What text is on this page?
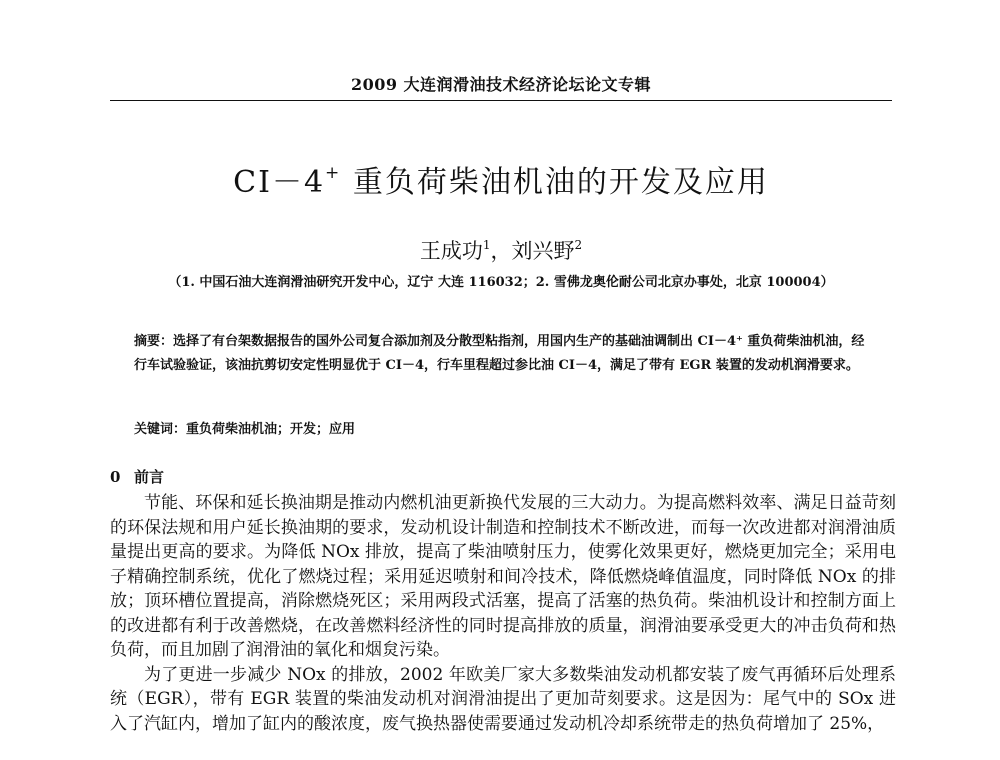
2009 大连润滑油技术经济论坛论文专辑
CI－4+ 重负荷柴油机油的开发及应用
王成功$^1$，刘兴野$^2$
（1. 中国石油大连润滑油研究开发中心，辽宁 大连 116032；2. 雪佛龙奥伦耐公司北京办事处，北京 100004）
摘要：选择了有台架数据报告的国外公司复合添加剂及分散型粘指剂，用国内生产的基础油调制出 CI－4⁺ 重负荷柴油机油，经行车试验验证，该油抗剪切安定性明显优于 CI－4，行车里程超过参比油 CI－4，满足了带有 EGR 装置的发动机润滑要求。
关键词：重负荷柴油机油；开发；应用
0 前言

节能、环保和延长换油期是推动内燃机油更新换代发展的三大动力。为提高燃料效率、满足日益苛刻的环保法规和用户延长换油期的要求，发动机设计制造和控制技术不断改进，而每一次改进都对润滑油质量提出更高的要求。为降低 NOx 排放，提高了柴油喷射压力，使雾化效果更好，燃烧更加完全；采用电子精确控制系统，优化了燃烧过程；采用延迟喷射和间冷技术，降低燃烧峰值温度，同时降低 NOx 的排放；顶环槽位置提高，消除燃烧死区；采用两段式活塞，提高了活塞的热负荷。柴油机设计和控制方面上的改进都有利于改善燃烧，在改善燃料经济性的同时提高排放的质量，润滑油要承受更大的冲击负荷和热负荷，而且加剧了润滑油的氧化和烟炱污染。

为了更进一步减少 NOx 的排放，2002 年欧美厂家大多数柴油发动机都安装了废气再循环后处理系统（EGR），带有 EGR 装置的柴油发动机对润滑油提出了更加苛刻要求。这是因为：尾气中的 SOx 进入了汽缸内，增加了缸内的酸浓度，废气换热器使需要通过发动机冷却系统带走的热负荷增加了 25%，
